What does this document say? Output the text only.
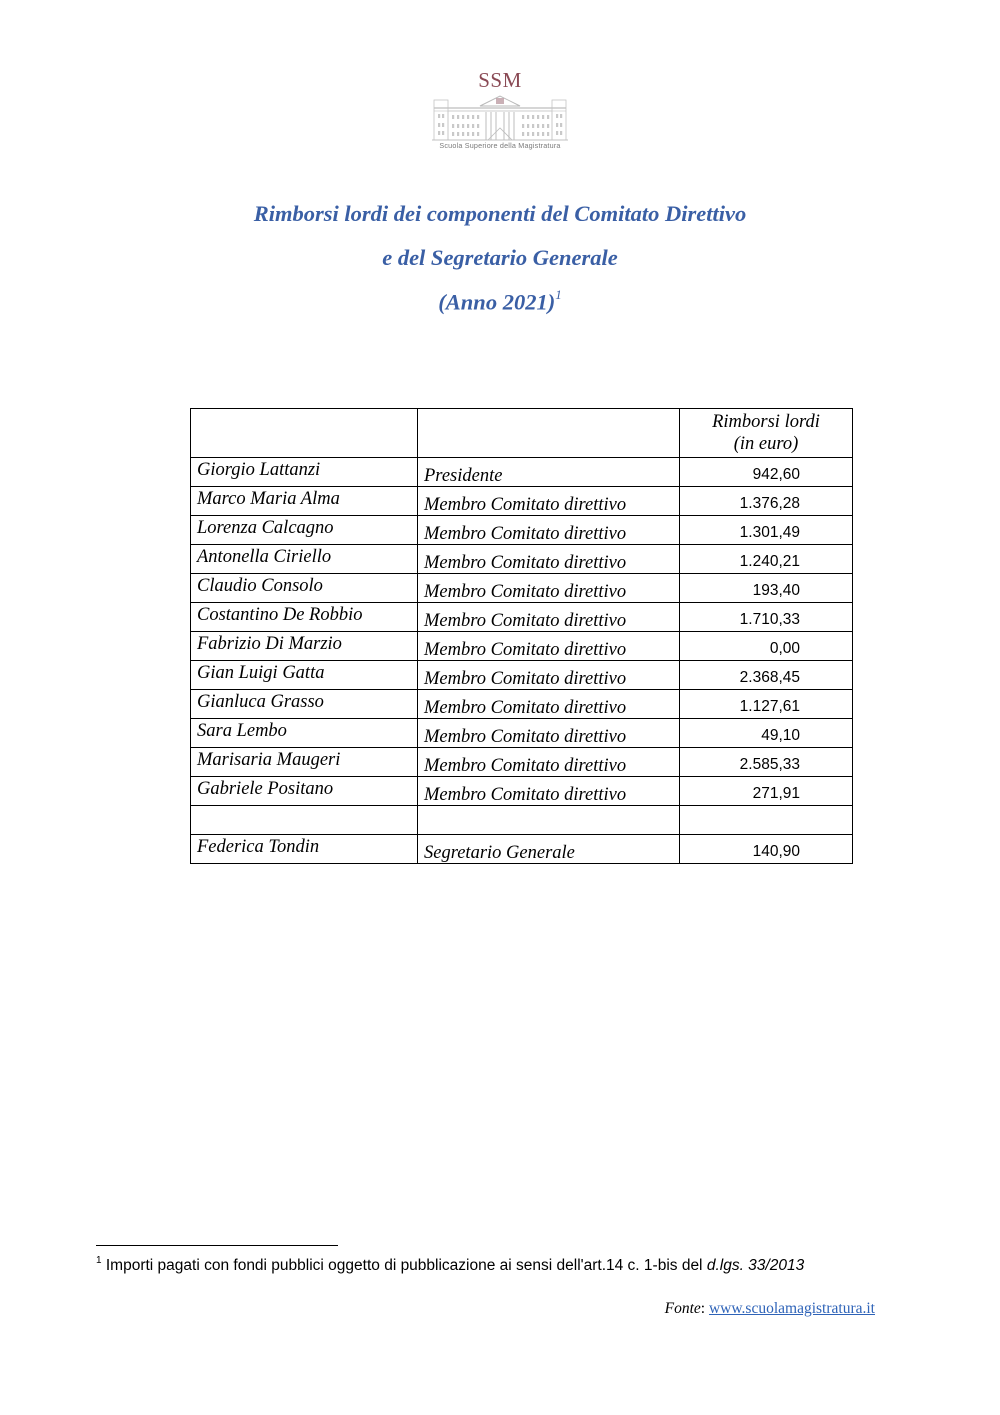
SSM
Scuola Superiore della Magistratura
Rimborsi lordi dei componenti del Comitato Direttivo
e del Segretario Generale
(Anno 2021)$^1$
		Rimborsi lordi
(in euro)
Giorgio Lattanzi	Presidente	942,60
Marco Maria Alma	Membro Comitato direttivo	1.376,28
Lorenza Calcagno	Membro Comitato direttivo	1.301,49
Antonella Ciriello	Membro Comitato direttivo	1.240,21
Claudio Consolo	Membro Comitato direttivo	193,40
Costantino De Robbio	Membro Comitato direttivo	1.710,33
Fabrizio Di Marzio	Membro Comitato direttivo	0,00
Gian Luigi Gatta	Membro Comitato direttivo	2.368,45
Gianluca Grasso	Membro Comitato direttivo	1.127,61
Sara Lembo	Membro Comitato direttivo	49,10
Marisaria Maugeri	Membro Comitato direttivo	2.585,33
Gabriele Positano	Membro Comitato direttivo	271,91

Federica Tondin	Segretario Generale	140,90
$^1$ Importi pagati con fondi pubblici oggetto di pubblicazione ai sensi dell'art.14 c. 1-bis del d.lgs. 33/2013
Fonte: www.scuolamagistratura.it
